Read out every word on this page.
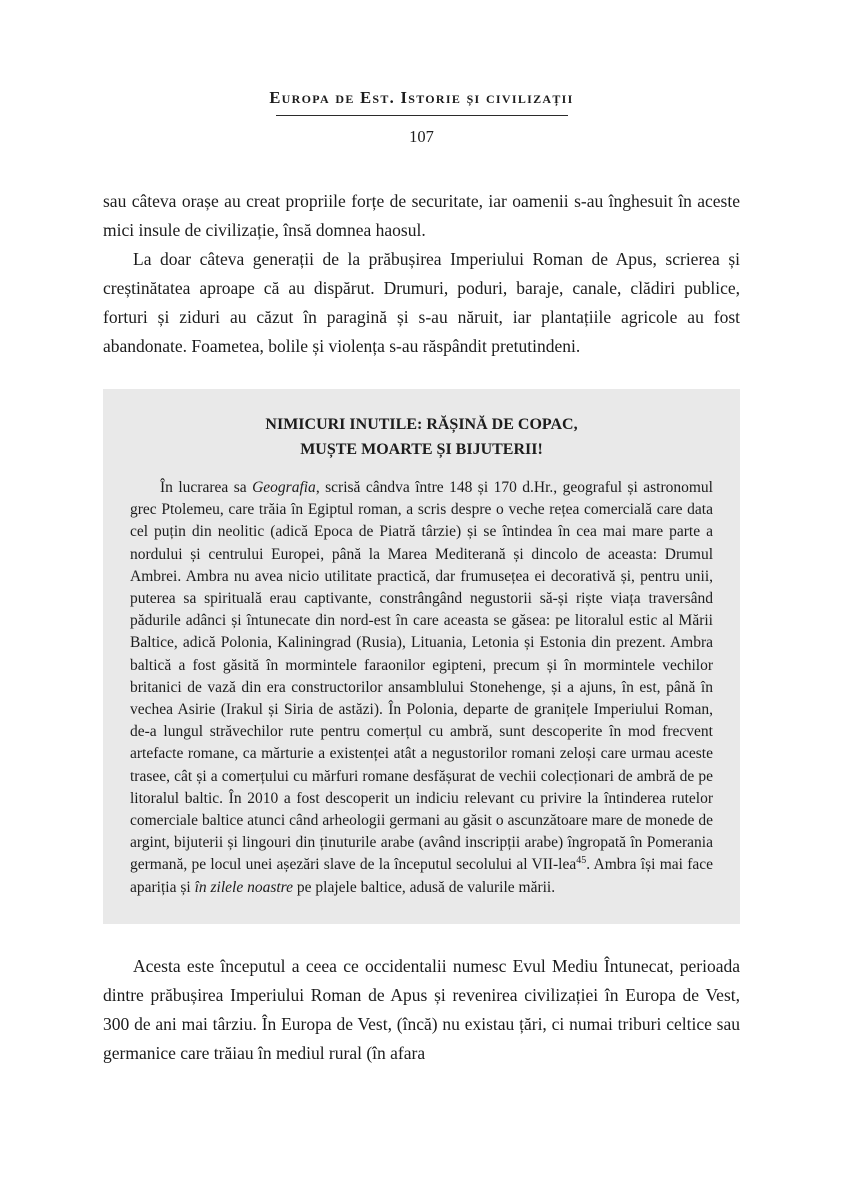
Europa de Est. Istorie și civilizații
107

sau câteva orașe au creat propriile forțe de securitate, iar oamenii s-au înghesuit în aceste mici insule de civilizație, însă domnea haosul.

La doar câteva generații de la prăbușirea Imperiului Roman de Apus, scrierea și creștinătatea aproape că au dispărut. Drumuri, poduri, baraje, canale, clădiri publice, forturi și ziduri au căzut în paragină și s-au năruit, iar plantațiile agricole au fost abandonate. Foametea, bolile și violența s-au răspândit pretutindeni.

NIMICURI INUTILE: RĂȘINĂ DE COPAC,
MUȘTE MOARTE ȘI BIJUTERII!

În lucrarea sa Geografia, scrisă cândva între 148 și 170 d.Hr., geograful și astronomul grec Ptolemeu, care trăia în Egiptul roman, a scris despre o veche rețea comercială care data cel puțin din neolitic (adică Epoca de Piatră târzie) și se întindea în cea mai mare parte a nordului și centrului Europei, până la Marea Mediterană și dincolo de aceasta: Drumul Ambrei. Ambra nu avea nicio utilitate practică, dar frumusețea ei decorativă și, pentru unii, puterea sa spirituală erau captivante, constrângând negustorii să-și riște viața traversând pădurile adânci și întunecate din nord-est în care aceasta se găsea: pe litoralul estic al Mării Baltice, adică Polonia, Kaliningrad (Rusia), Lituania, Letonia și Estonia din prezent. Ambra baltică a fost găsită în mormintele faraonilor egipteni, precum și în mormintele vechilor britanici de vază din era constructorilor ansamblului Stonehenge, și a ajuns, în est, până în vechea Asirie (Irakul și Siria de astăzi). În Polonia, departe de granițele Imperiului Roman, de-a lungul străvechilor rute pentru comerțul cu ambră, sunt descoperite în mod frecvent artefacte romane, ca mărturie a existenței atât a negustorilor romani zeloși care urmau aceste trasee, cât și a comerțului cu mărfuri romane desfășurat de vechii colecționari de ambră de pe litoralul baltic. În 2010 a fost descoperit un indiciu relevant cu privire la întinderea rutelor comerciale baltice atunci când arheologii germani au găsit o ascunzătoare mare de monede de argint, bijuterii și lingouri din ținuturile arabe (având inscripții arabe) îngropată în Pomerania germană, pe locul unei așezări slave de la începutul secolului al VII-lea$^{45}$. Ambra își mai face apariția și în zilele noastre pe plajele baltice, adusă de valurile mării.

Acesta este începutul a ceea ce occidentalii numesc Evul Mediu Întunecat, perioada dintre prăbușirea Imperiului Roman de Apus și revenirea civilizației în Europa de Vest, 300 de ani mai târziu. În Europa de Vest, (încă) nu existau țări, ci numai triburi celtice sau germanice care trăiau în mediul rural (în afara
